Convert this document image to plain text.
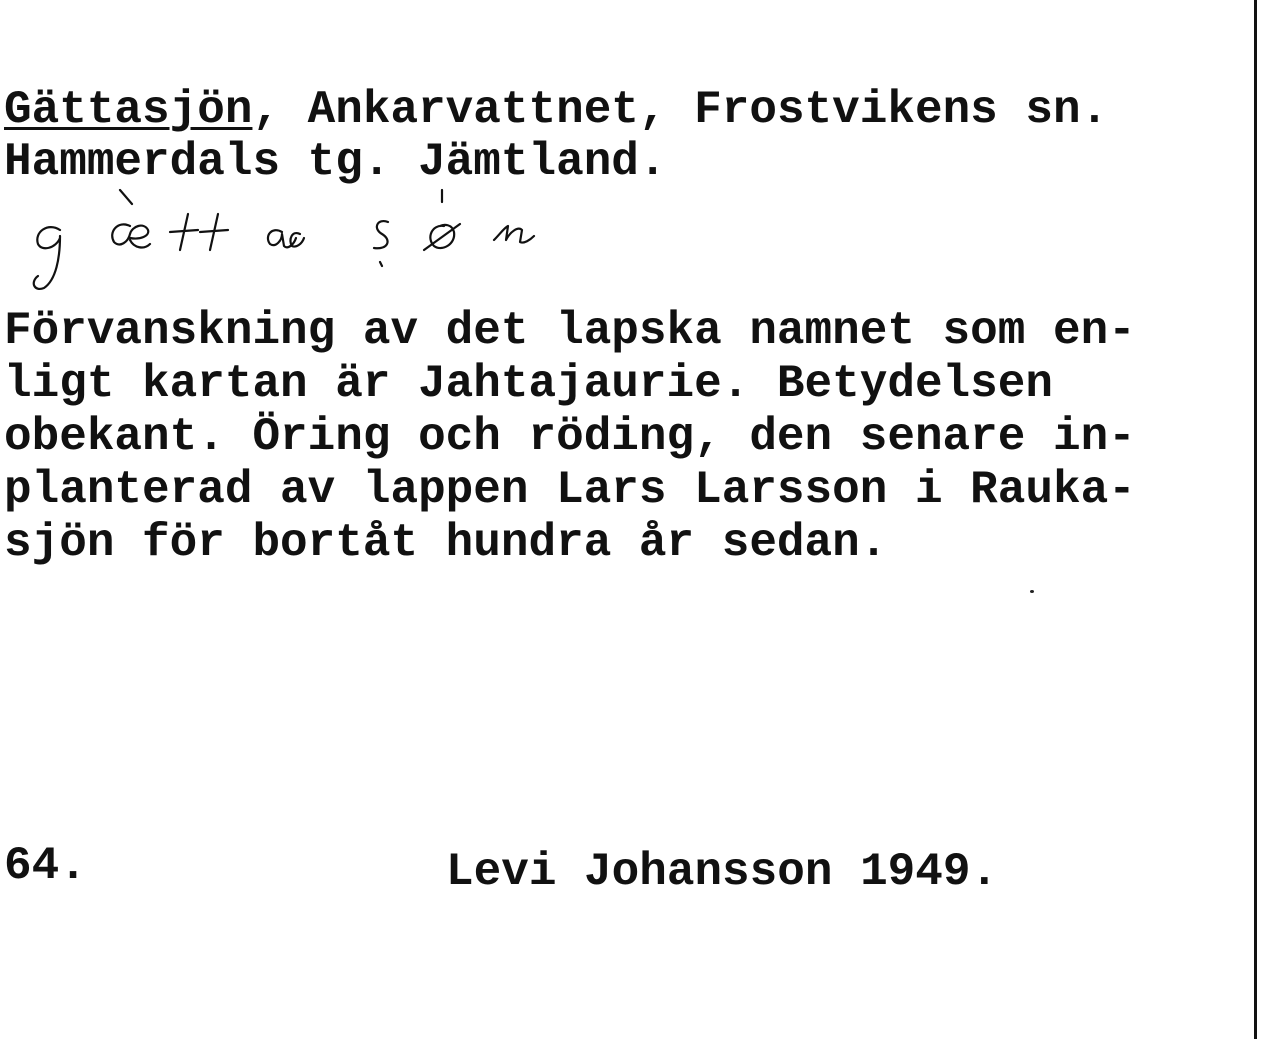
Gättasjön, Ankarvattnet, Frostvikens sn.

Hammerdals tg. Jämtland.

Förvanskning av det lapska namnet som en-
ligt kartan är Jahtajaurie. Betydelsen
obekant. Öring och röding, den senare in-
planterad av lappen Lars Larsson i Rauka-
sjön för bortåt hundra år sedan.

64.	Levi Johansson 1949.
